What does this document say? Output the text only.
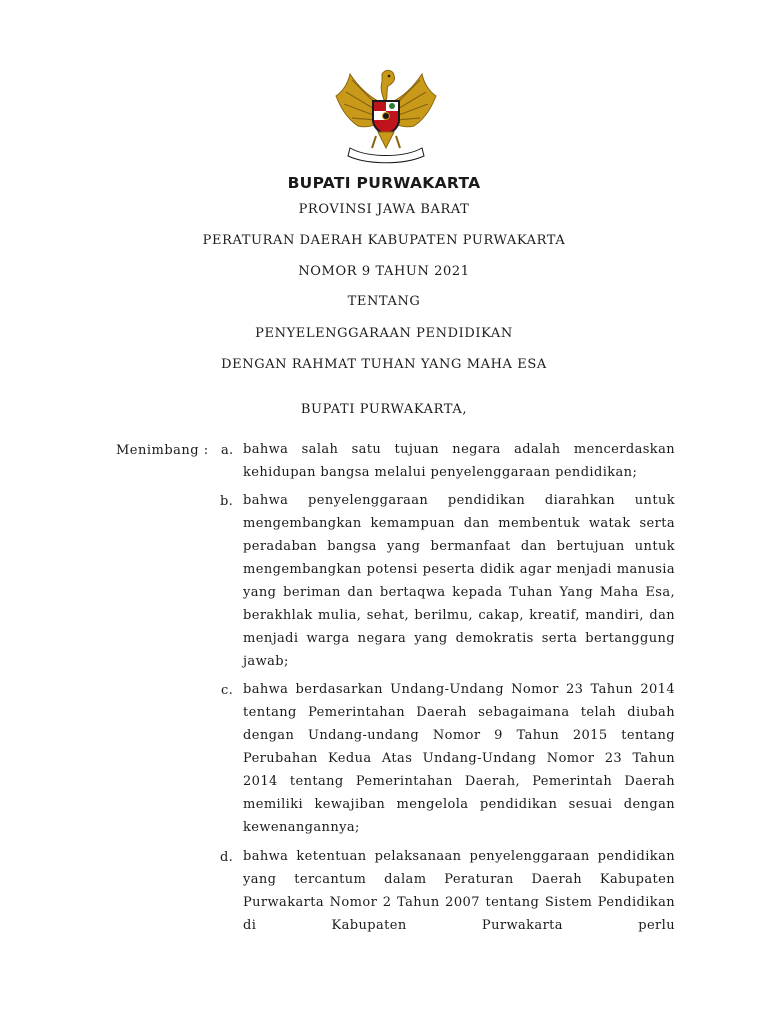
BUPATI PURWAKARTA
PROVINSI JAWA BARAT
PERATURAN DAERAH KABUPATEN PURWAKARTA
NOMOR 9 TAHUN 2021
TENTANG
PENYELENGGARAAN PENDIDIKAN
DENGAN RAHMAT TUHAN YANG MAHA ESA
BUPATI PURWAKARTA,
Menimbang : a. bahwa salah satu tujuan negara adalah mencerdaskan kehidupan bangsa melalui penyelenggaraan pendidikan;
b. bahwa penyelenggaraan pendidikan diarahkan untuk mengembangkan kemampuan dan membentuk watak serta peradaban bangsa yang bermanfaat dan bertujuan untuk mengembangkan potensi peserta didik agar menjadi manusia yang beriman dan bertaqwa kepada Tuhan Yang Maha Esa, berakhlak mulia, sehat, berilmu, cakap, kreatif, mandiri, dan menjadi warga negara yang demokratis serta bertanggung jawab;
c. bahwa berdasarkan Undang-Undang Nomor 23 Tahun 2014 tentang Pemerintahan Daerah sebagaimana telah diubah dengan Undang-undang Nomor 9 Tahun 2015 tentang Perubahan Kedua Atas Undang-Undang Nomor 23 Tahun 2014 tentang Pemerintahan Daerah, Pemerintah Daerah memiliki kewajiban mengelola pendidikan sesuai dengan kewenangannya;
d. bahwa ketentuan pelaksanaan penyelenggaraan pendidikan yang tercantum dalam Peraturan Daerah Kabupaten Purwakarta Nomor 2 Tahun 2007 tentang Sistem Pendidikan di Kabupaten Purwakarta perlu
